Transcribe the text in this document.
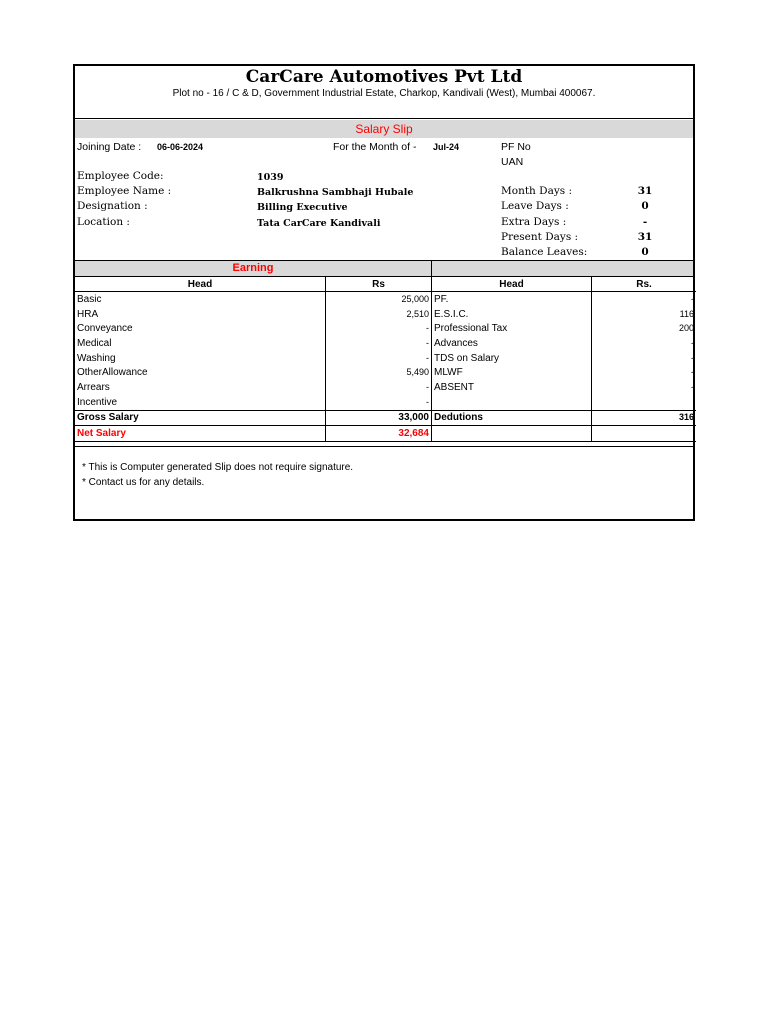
CarCare Automotives Pvt Ltd
Plot no - 16 / C & D, Government Industrial Estate, Charkop, Kandivali (West), Mumbai 400067.
Salary Slip
Joining Date : 06-06-2024	For the Month of - Jul-24	PF No
UAN
Employee Code:	1039
Employee Name :	Balkrushna Sambhaji Hubale
Designation :	Billing Executive
Location :	Tata CarCare Kandivali
Month Days :	31
Leave Days :	0
Extra Days :	-
Present Days :	31
Balance Leaves:	0
Earning
Head	Rs	Head	Rs.
Basic	25,000	PF.	-
HRA	2,510	E.S.I.C.	116
Conveyance	-	Professional Tax	200
Medical	-	Advances	-
Washing	-	TDS on Salary	-
OtherAllowance	5,490	MLWF	-
Arrears	-	ABSENT	-
Incentive	-		
Gross Salary	33,000	Dedutions	316
Net Salary	32,684		
* This is Computer generated Slip does not require signature.
* Contact us for any details.
